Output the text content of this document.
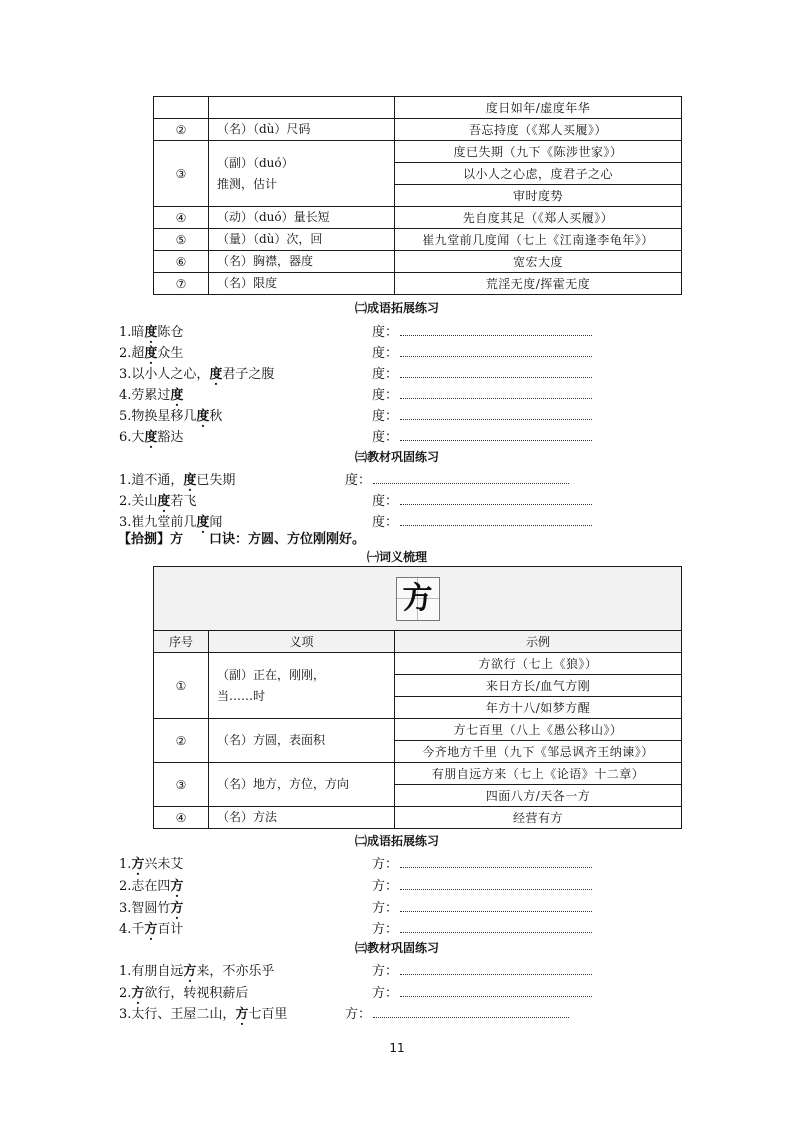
		度日如年/虚度年华
②	（名）（dù）尺码	吾忘持度（《郑人买履》）
③	（副）（duó）推测，估计	度已失期（九下《陈涉世家》）
		以小人之心虑，度君子之心
		审时度势
④	（动）（duó）量长短	先自度其足（《郑人买履》）
⑤	（量）（dù）次，回	崔九堂前几度闻（七上《江南逢李龟年》）
⑥	（名）胸襟，器度	宽宏大度
⑦	（名）限度	荒淫无度/挥霍无度
㈡成语拓展练习
1.暗度陈仓	度：
2.超度众生	度：
3.以小人之心，度君子之腹	度：
4.劳累过度	度：
5.物换星移几度秋	度：
6.大度豁达	度：
㈢教材巩固练习
1.道不通，度已失期	度：
2.关山度若飞	度：
3.崔九堂前几度闻	度：
【拾捌】方　　口诀：方圆、方位刚刚好。
㈠词义梳理
方		
序号	义项	示例
①	（副）正在，刚刚，当……时	方欲行（七上《狼》）
		来日方长/血气方刚
		年方十八/如梦方醒
②	（名）方圆，表面积	方七百里（八上《愚公移山》）
		今齐地方千里（九下《邹忌讽齐王纳谏》）
③	（名）地方，方位，方向	有朋自远方来（七上《论语》十二章）
		四面八方/天各一方
④	（名）方法	经营有方
㈡成语拓展练习
1.方兴未艾	方：
2.志在四方	方：
3.智圆竹方	方：
4.千方百计	方：
㈢教材巩固练习
1.有朋自远方来，不亦乐乎	方：
2.方欲行，转视积薪后	方：
3.太行、王屋二山，方七百里	方：
11
